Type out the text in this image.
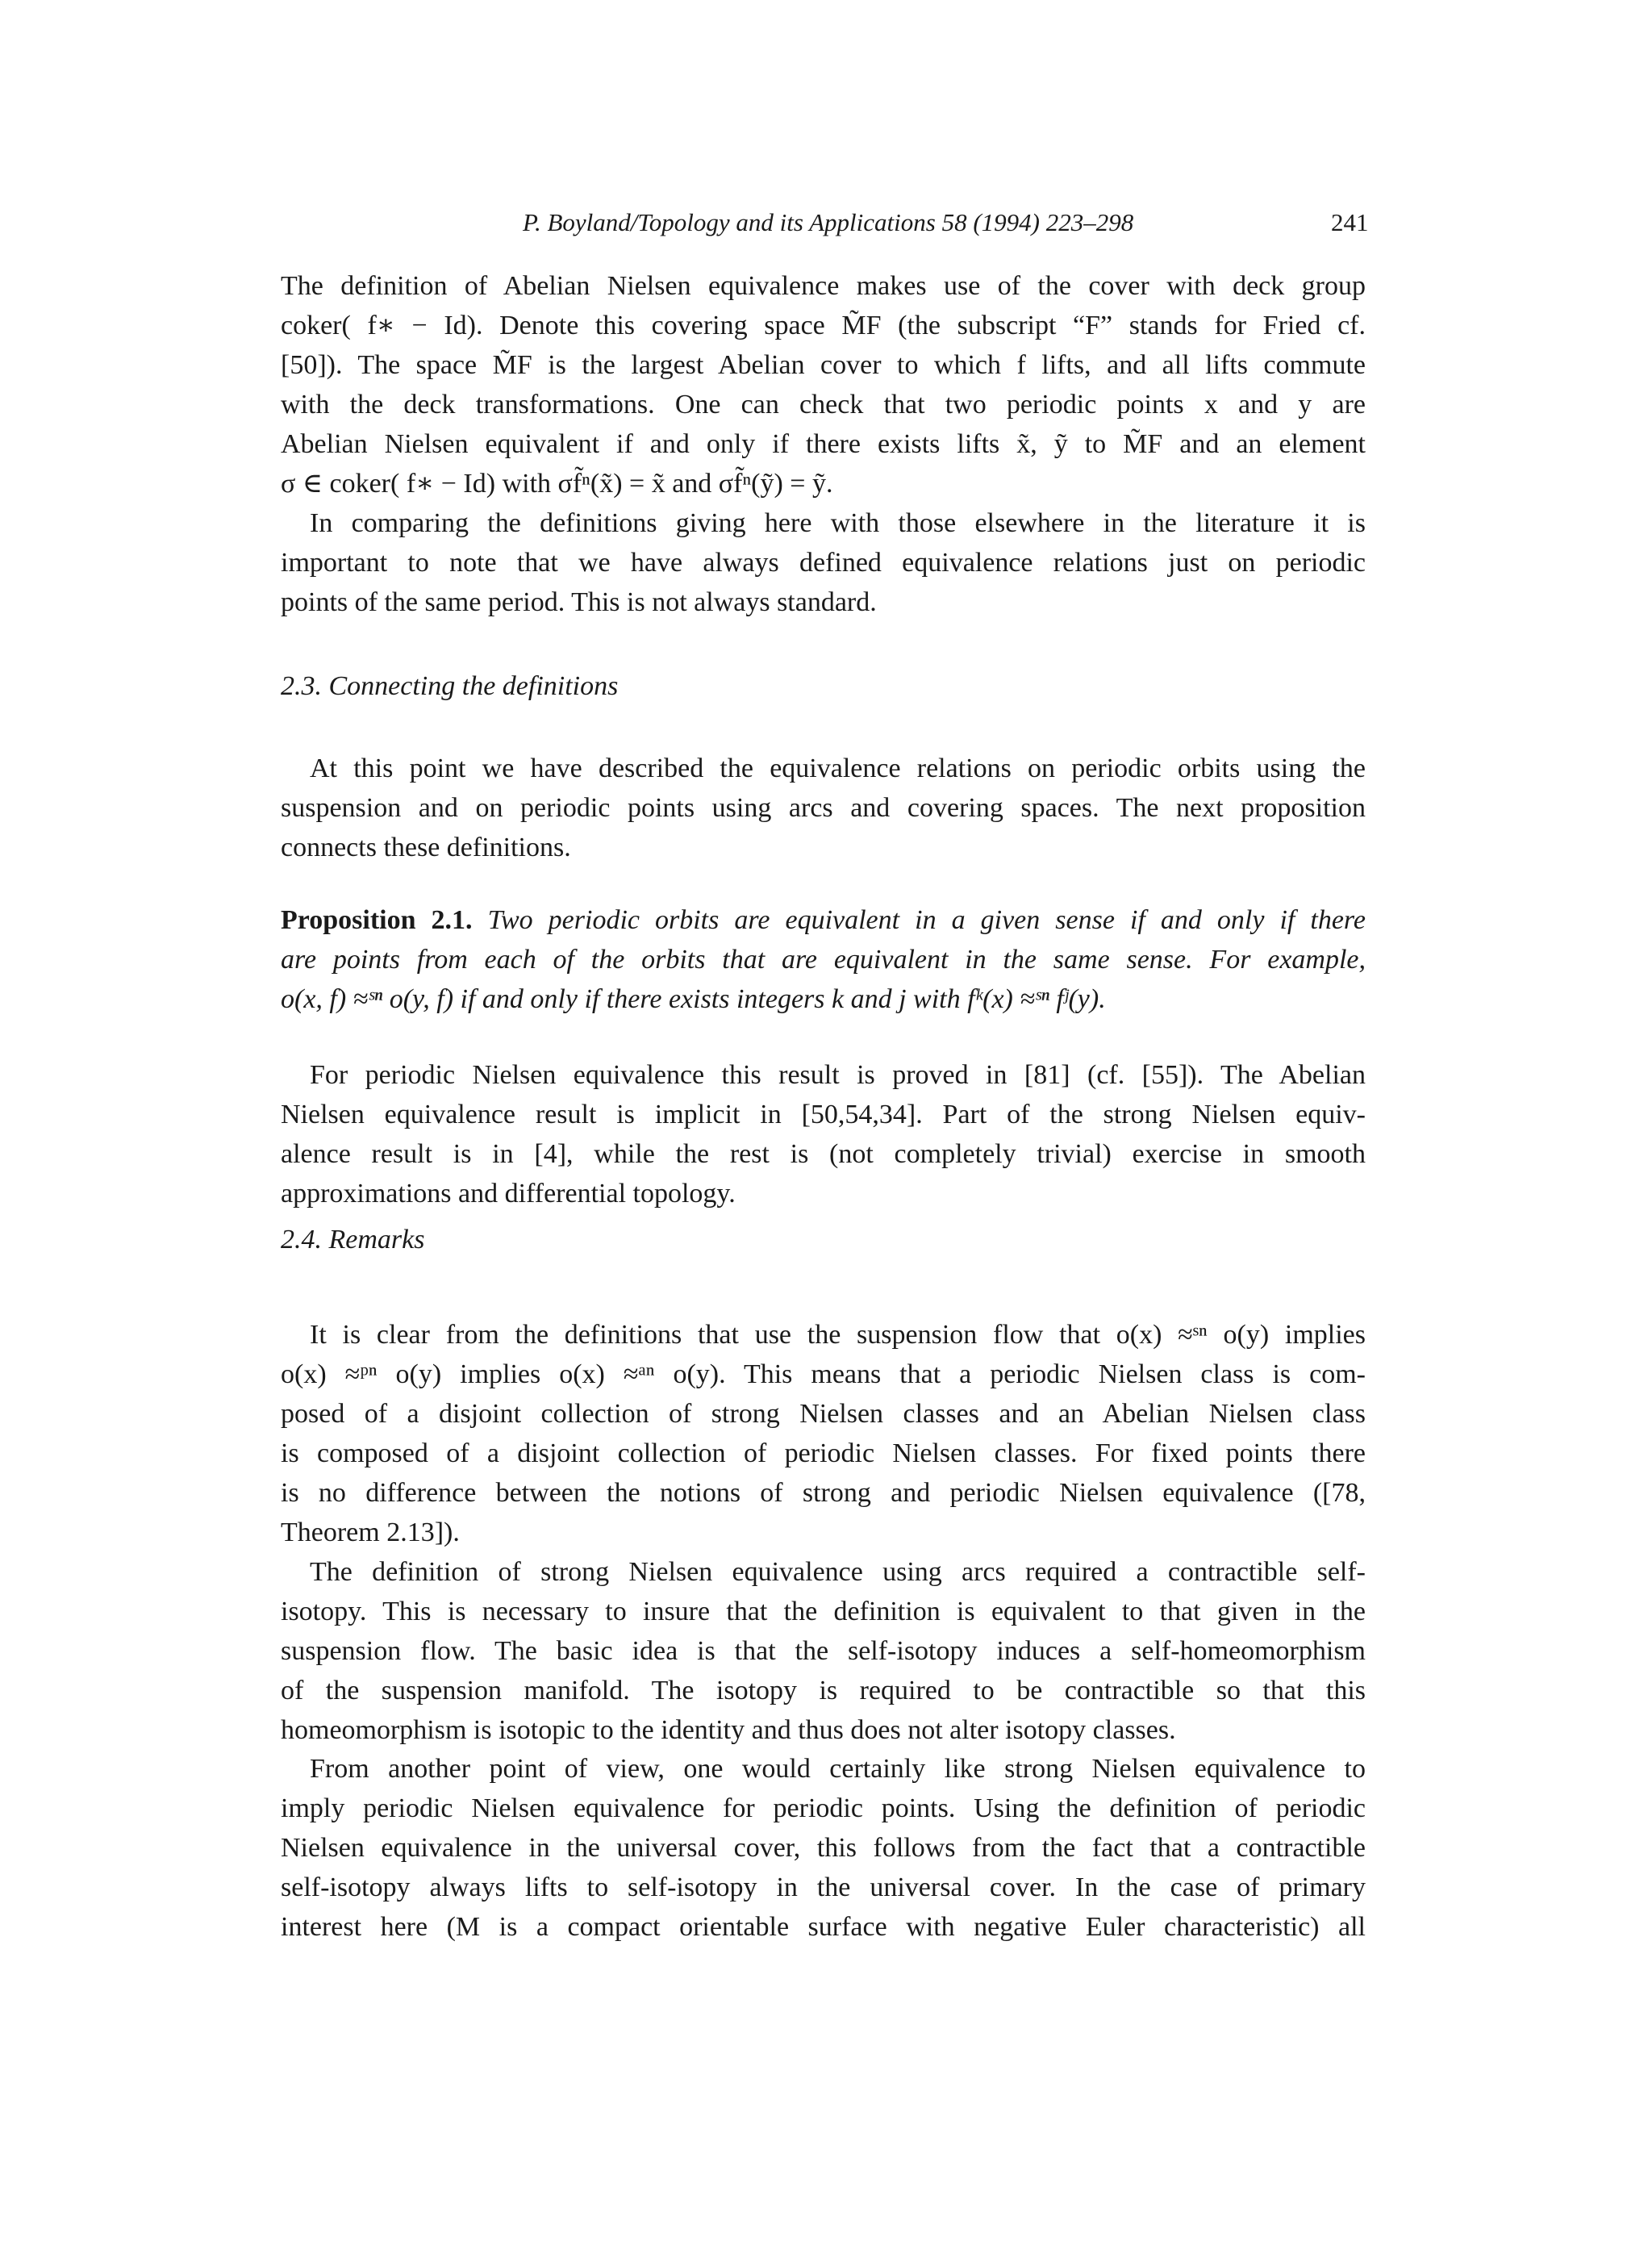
P. Boyland/Topology and its Applications 58 (1994) 223–298	241
The definition of Abelian Nielsen equivalence makes use of the cover with deck group
coker( f∗ − Id). Denote this covering space M̃F (the subscript “F” stands for Fried cf.
[50]). The space M̃F is the largest Abelian cover to which f lifts, and all lifts commute
with the deck transformations. One can check that two periodic points x and y are
Abelian Nielsen equivalent if and only if there exists lifts x̃, ỹ to M̃F and an element
σ ∈ coker( f∗ − Id) with σf̃ⁿ(x̃) = x̃ and σf̃ⁿ(ỹ) = ỹ.
In comparing the definitions giving here with those elsewhere in the literature it is
important to note that we have always defined equivalence relations just on periodic
points of the same period. This is not always standard.
2.3. Connecting the definitions
At this point we have described the equivalence relations on periodic orbits using the
suspension and on periodic points using arcs and covering spaces. The next proposition
connects these definitions.
Proposition 2.1. Two periodic orbits are equivalent in a given sense if and only if there
are points from each of the orbits that are equivalent in the same sense. For example,
o(x, f) ≈ˢⁿ o(y, f) if and only if there exists integers k and j with fᵏ(x) ≈ˢⁿ fʲ(y).
For periodic Nielsen equivalence this result is proved in [81] (cf. [55]). The Abelian
Nielsen equivalence result is implicit in [50,54,34]. Part of the strong Nielsen equiv-
alence result is in [4], while the rest is (not completely trivial) exercise in smooth
approximations and differential topology.
2.4. Remarks
It is clear from the definitions that use the suspension flow that o(x) ≈ˢⁿ o(y) implies
o(x) ≈ᵖⁿ o(y) implies o(x) ≈ᵃⁿ o(y). This means that a periodic Nielsen class is com-
posed of a disjoint collection of strong Nielsen classes and an Abelian Nielsen class
is composed of a disjoint collection of periodic Nielsen classes. For fixed points there
is no difference between the notions of strong and periodic Nielsen equivalence ([78,
Theorem 2.13]).
The definition of strong Nielsen equivalence using arcs required a contractible self-
isotopy. This is necessary to insure that the definition is equivalent to that given in the
suspension flow. The basic idea is that the self-isotopy induces a self-homeomorphism
of the suspension manifold. The isotopy is required to be contractible so that this
homeomorphism is isotopic to the identity and thus does not alter isotopy classes.
From another point of view, one would certainly like strong Nielsen equivalence to
imply periodic Nielsen equivalence for periodic points. Using the definition of periodic
Nielsen equivalence in the universal cover, this follows from the fact that a contractible
self-isotopy always lifts to self-isotopy in the universal cover. In the case of primary
interest here (M is a compact orientable surface with negative Euler characteristic) all
